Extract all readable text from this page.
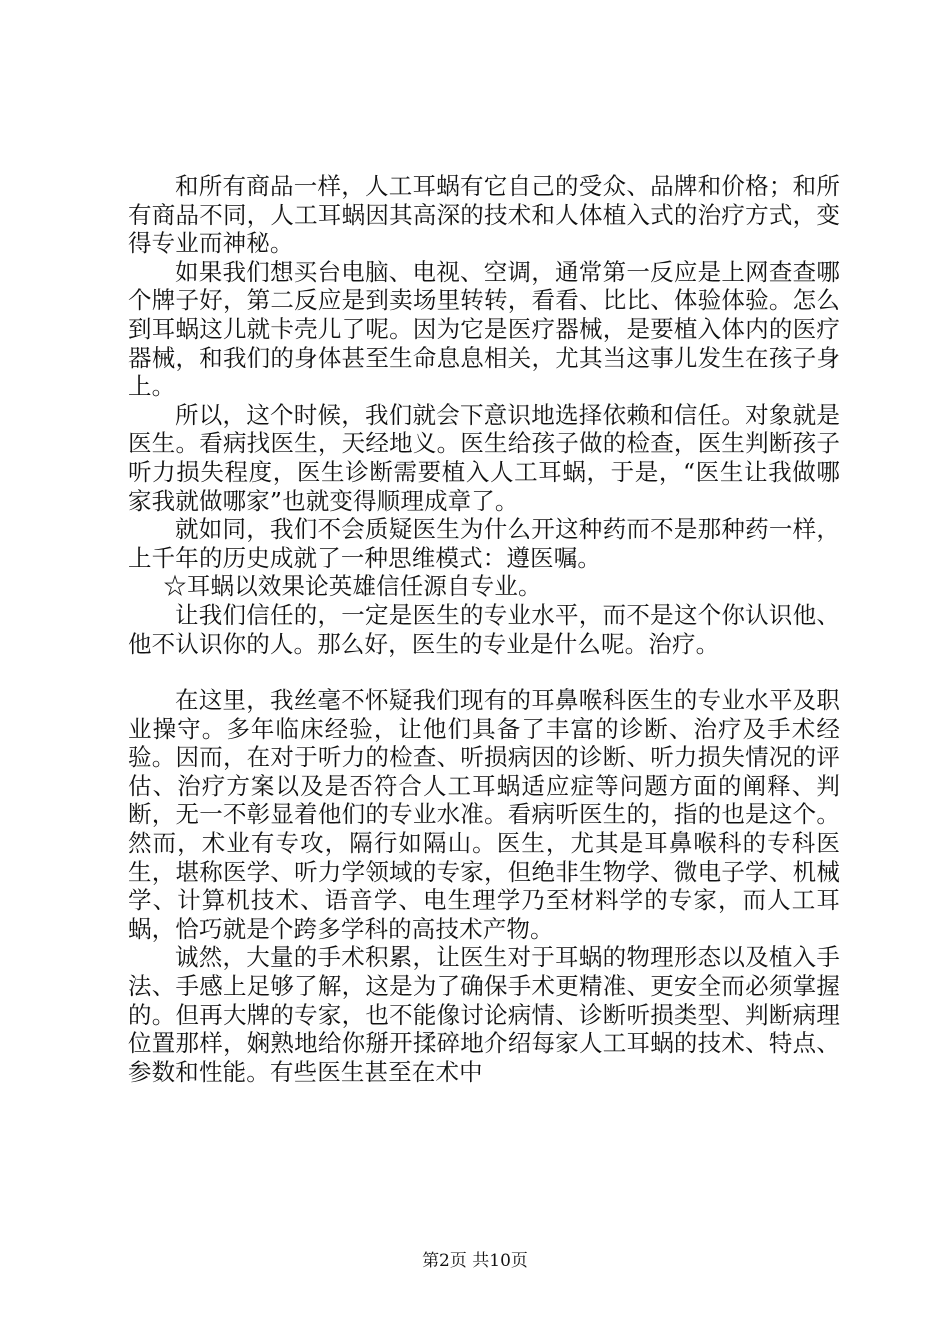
和所有商品一样，人工耳蜗有它自己的受众、品牌和价格；和所有商品不同，人工耳蜗因其高深的技术和人体植入式的治疗方式，变得专业而神秘。

如果我们想买台电脑、电视、空调，通常第一反应是上网查查哪个牌子好，第二反应是到卖场里转转，看看、比比、体验体验。怎么到耳蜗这儿就卡壳儿了呢。因为它是医疗器械，是要植入体内的医疗器械，和我们的身体甚至生命息息相关，尤其当这事儿发生在孩子身上。

所以，这个时候，我们就会下意识地选择依赖和信任。对象就是医生。看病找医生，天经地义。医生给孩子做的检查，医生判断孩子听力损失程度，医生诊断需要植入人工耳蜗，于是，“医生让我做哪家我就做哪家”也就变得顺理成章了。

就如同，我们不会质疑医生为什么开这种药而不是那种药一样，上千年的历史成就了一种思维模式：遵医嘱。

☆耳蜗以效果论英雄信任源自专业。

让我们信任的，一定是医生的专业水平，而不是这个你认识他、他不认识你的人。那么好，医生的专业是什么呢。治疗。

在这里，我丝毫不怀疑我们现有的耳鼻喉科医生的专业水平及职业操守。多年临床经验，让他们具备了丰富的诊断、治疗及手术经验。因而，在对于听力的检查、听损病因的诊断、听力损失情况的评估、治疗方案以及是否符合人工耳蜗适应症等问题方面的阐释、判断，无一不彰显着他们的专业水准。看病听医生的，指的也是这个。然而，术业有专攻，隔行如隔山。医生，尤其是耳鼻喉科的专科医生，堪称医学、听力学领域的专家，但绝非生物学、微电子学、机械学、计算机技术、语音学、电生理学乃至材料学的专家，而人工耳蜗，恰巧就是个跨多学科的高技术产物。

诚然，大量的手术积累，让医生对于耳蜗的物理形态以及植入手法、手感上足够了解，这是为了确保手术更精准、更安全而必须掌握的。但再大牌的专家，也不能像讨论病情、诊断听损类型、判断病理位置那样，娴熟地给你掰开揉碎地介绍每家人工耳蜗的技术、特点、参数和性能。有些医生甚至在术中

第2页 共10页
